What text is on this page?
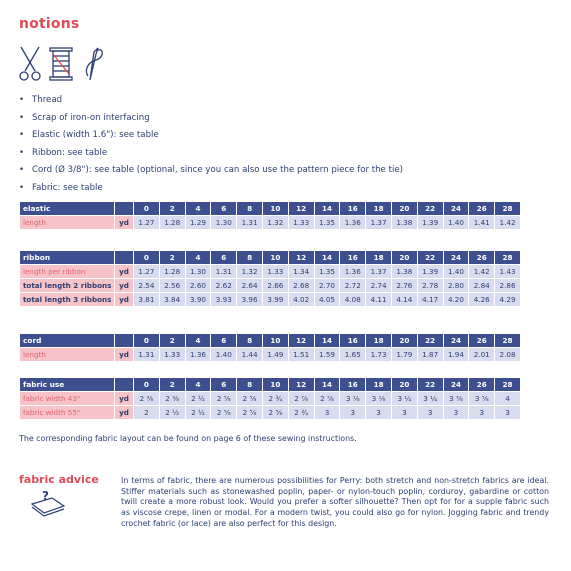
notions
• Thread
• Scrap of iron-on interfacing
• Elastic (width 1.6"): see table
• Ribbon: see table
• Cord (Ø 3/8"): see table (optional, since you can also use the pattern piece for the tie)
• Fabric: see table
elastic		0	2	4	6	8	10	12	14	16	18	20	22	24	26	28
length	yd	1.27	1.28	1.29	1.30	1.31	1.32	1.33	1.35	1.36	1.37	1.38	1.39	1.40	1.41	1.42
ribbon		0	2	4	6	8	10	12	14	16	18	20	22	24	26	28
length per ribbon	yd	1.27	1.28	1.30	1.31	1.32	1.33	1.34	1.35	1.36	1.37	1.38	1.39	1.40	1.42	1.43
total length 2 ribbons	yd	2.54	2.56	2.60	2.62	2.64	2.66	2.68	2.70	2.72	2.74	2.76	2.78	2.80	2.84	2.86
total length 3 ribbons	yd	3.81	3.84	3.90	3.93	3.96	3.99	4.02	4.05	4.08	4.11	4.14	4.17	4.20	4.26	4.29
cord		0	2	4	6	8	10	12	14	16	18	20	22	24	26	28
length	yd	1.31	1.33	1.36	1.40	1.44	1.49	1.51	1.59	1.65	1.73	1.79	1.87	1.94	2.01	2.08
fabric use		0	2	4	6	8	10	12	14	16	18	20	22	24	26	28
fabric width 43"	yd	2 ⅜	2 ⅜	2 ½	2 ⅝	2 ⅝	2 ¾	2 ⅞	2 ⅞	3 ⅛	3 ⅛	3 ¼	3 ¼	3 ⅜	3 ⅝	4
fabric width 55"	yd	2	2 ½	2 ½	2 ⅝	2 ⅝	2 ⅝	2 ¾	3	3	3	3	3	3	3	3
The corresponding fabric layout can be found on page 6 of these sewing instructions.
fabric advice
?
In terms of fabric, there are numerous possibilities for Perry: both stretch and non-stretch fabrics are ideal. Stiffer materials such as stonewashed poplin, paper- or nylon-touch poplin, corduroy, gabardine or cotton twill create a more robust look. Would you prefer a softer silhouette? Then opt for for a supple fabric such as viscose crepe, linen or modal. For a modern twist, you could also go for nylon. Jogging fabric and trendy crochet fabric (or lace) are also perfect for this design.
